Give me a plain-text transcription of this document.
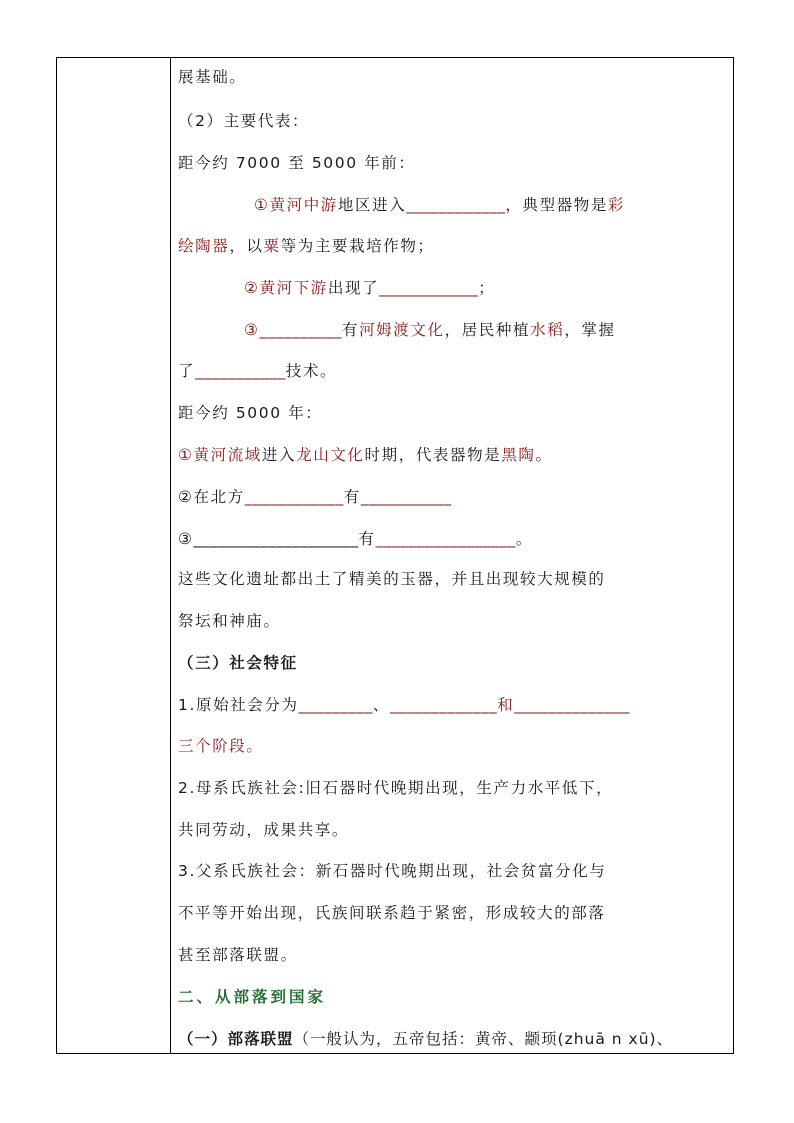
展基础。
（2）主要代表：
距今约 7000 至 5000 年前：
①黄河中游地区进入____________，典型器物是彩
绘陶器，以粟等为主要栽培作物；
②黄河下游出现了____________；
③__________有河姆渡文化，居民种植水稻，掌握
了___________技术。
距今约 5000 年：
①黄河流域进入龙山文化时期，代表器物是黑陶。
②在北方____________有___________
③____________________有_________________。
这些文化遗址都出土了精美的玉器，并且出现较大规模的
祭坛和神庙。
（三）社会特征
1.原始社会分为_________、_____________和______________
三个阶段。
2.母系氏族社会:旧石器时代晚期出现，生产力水平低下，
共同劳动，成果共享。
3.父系氏族社会：新石器时代晚期出现，社会贫富分化与
不平等开始出现，氏族间联系趋于紧密，形成较大的部落
甚至部落联盟。
二、从部落到国家
（一）部落联盟（一般认为，五帝包括：黄帝、颛顼(zhuā n xū)、
